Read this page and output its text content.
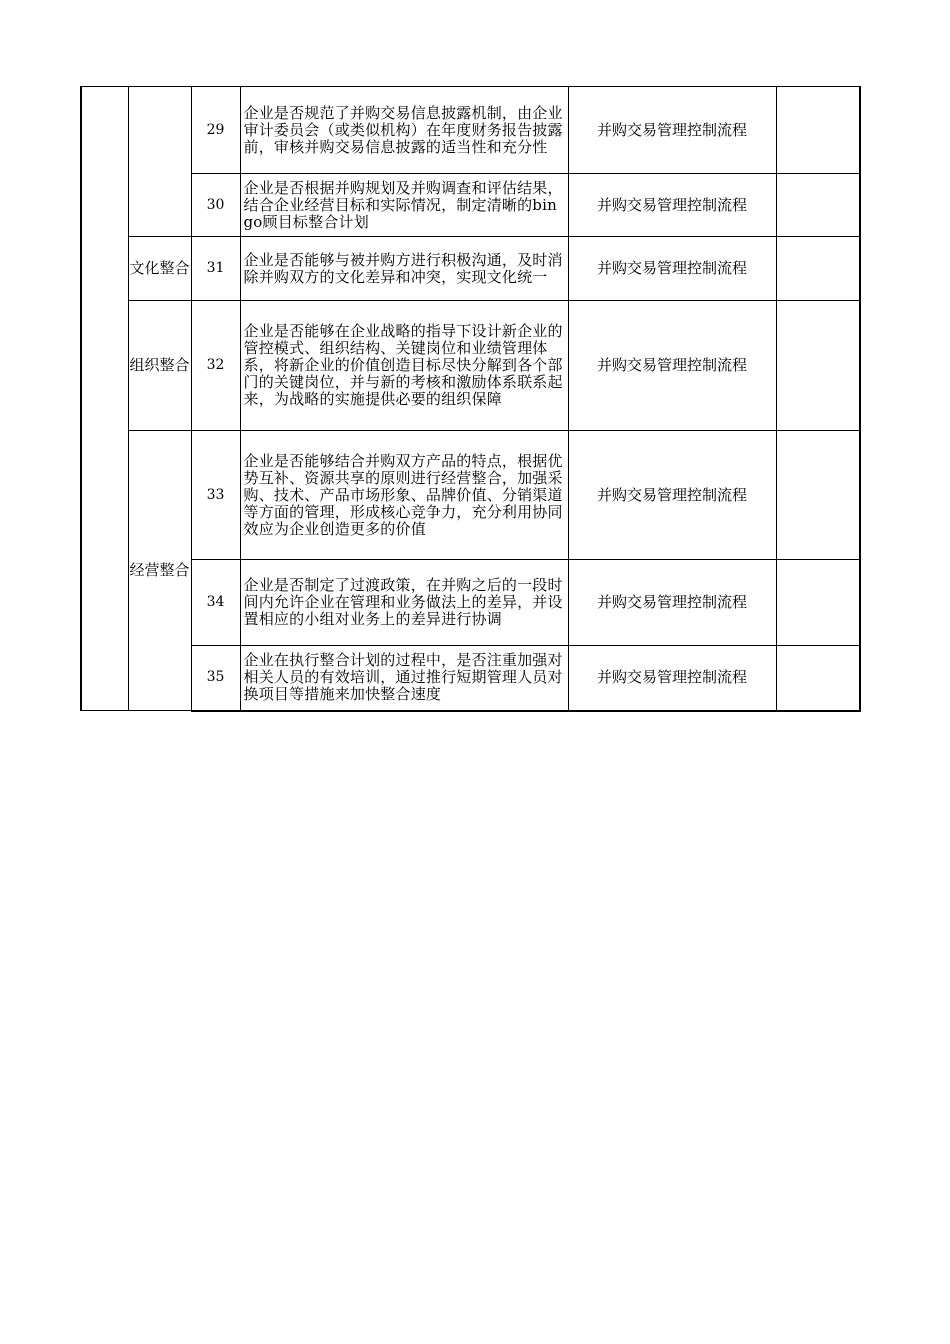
		29	企业是否规范了并购交易信息披露机制，由企业审计委员会（或类似机构）在年度财务报告披露前，审核并购交易信息披露的适当性和充分性	并购交易管理控制流程	
		30	企业是否根据并购规划及并购调查和评估结果，结合企业经营目标和实际情况，制定清晰的bingo顾目标整合计划	并购交易管理控制流程	
	文化整合	31	企业是否能够与被并购方进行积极沟通，及时消除并购双方的文化差异和冲突，实现文化统一	并购交易管理控制流程	
	组织整合	32	企业是否能够在企业战略的指导下设计新企业的管控模式、组织结构、关键岗位和业绩管理体系，将新企业的价值创造目标尽快分解到各个部门的关键岗位，并与新的考核和激励体系联系起来，为战略的实施提供必要的组织保障	并购交易管理控制流程	
	经营整合	33	企业是否能够结合并购双方产品的特点，根据优势互补、资源共享的原则进行经营整合，加强采购、技术、产品市场形象、品牌价值、分销渠道等方面的管理，形成核心竞争力，充分利用协同效应为企业创造更多的价值	并购交易管理控制流程	
		34	企业是否制定了过渡政策，在并购之后的一段时间内允许企业在管理和业务做法上的差异，并设置相应的小组对业务上的差异进行协调	并购交易管理控制流程	
		35	企业在执行整合计划的过程中，是否注重加强对相关人员的有效培训，通过推行短期管理人员对换项目等措施来加快整合速度	并购交易管理控制流程	
